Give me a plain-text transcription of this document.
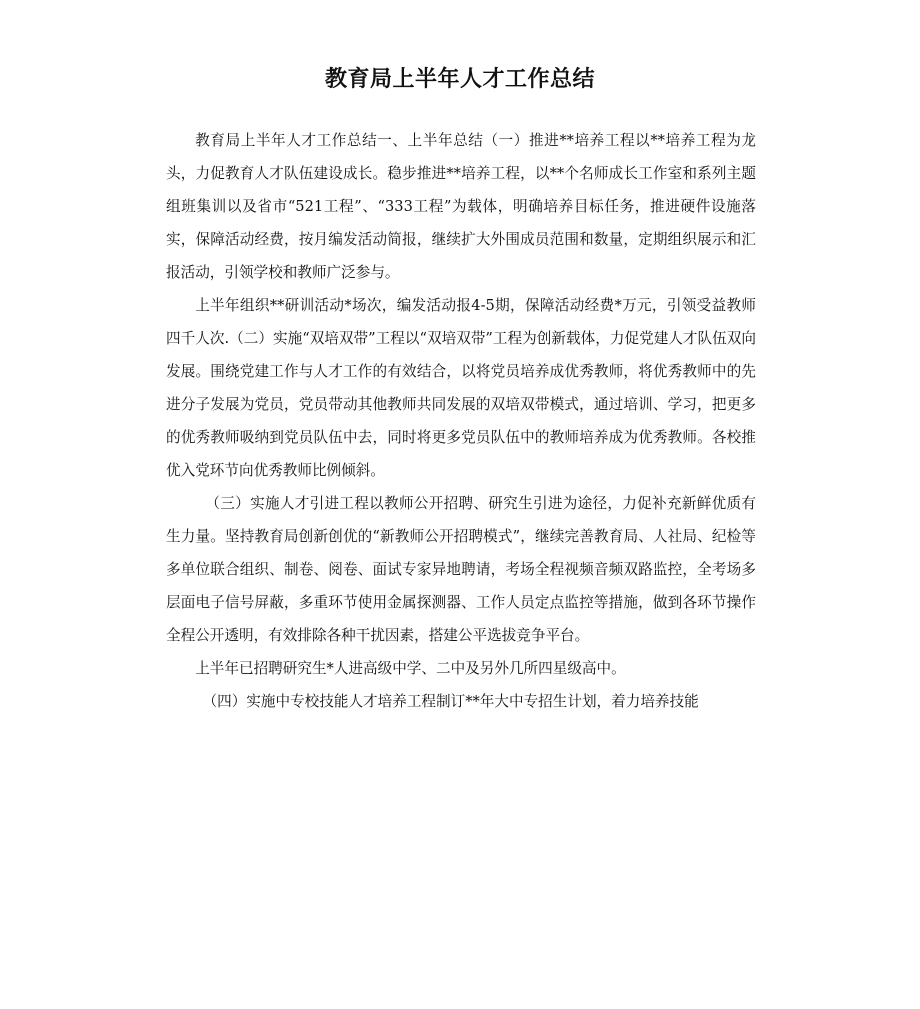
教育局上半年人才工作总结

教育局上半年人才工作总结一、上半年总结（一）推进**培养工程以**培养工程为龙头，力促教育人才队伍建设成长。稳步推进**培养工程，以**个名师成长工作室和系列主题组班集训以及省市“521工程”、“333工程”为载体，明确培养目标任务，推进硬件设施落实，保障活动经费，按月编发活动简报，继续扩大外围成员范围和数量，定期组织展示和汇报活动，引领学校和教师广泛参与。

上半年组织**研训活动*场次，编发活动报4-5期，保障活动经费*万元，引领受益教师四千人次.（二）实施“双培双带”工程以“双培双带”工程为创新载体，力促党建人才队伍双向发展。围绕党建工作与人才工作的有效结合，以将党员培养成优秀教师，将优秀教师中的先进分子发展为党员，党员带动其他教师共同发展的双培双带模式，通过培训、学习，把更多的优秀教师吸纳到党员队伍中去，同时将更多党员队伍中的教师培养成为优秀教师。各校推优入党环节向优秀教师比例倾斜。

（三）实施人才引进工程以教师公开招聘、研究生引进为途径，力促补充新鲜优质有生力量。坚持教育局创新创优的“新教师公开招聘模式”，继续完善教育局、人社局、纪检等多单位联合组织、制卷、阅卷、面试专家异地聘请，考场全程视频音频双路监控，全考场多层面电子信号屏蔽，多重环节使用金属探测器、工作人员定点监控等措施，做到各环节操作全程公开透明，有效排除各种干扰因素，搭建公平选拔竞争平台。

上半年已招聘研究生*人进高级中学、二中及另外几所四星级高中。

（四）实施中专校技能人才培养工程制订**年大中专招生计划，着力培养技能
